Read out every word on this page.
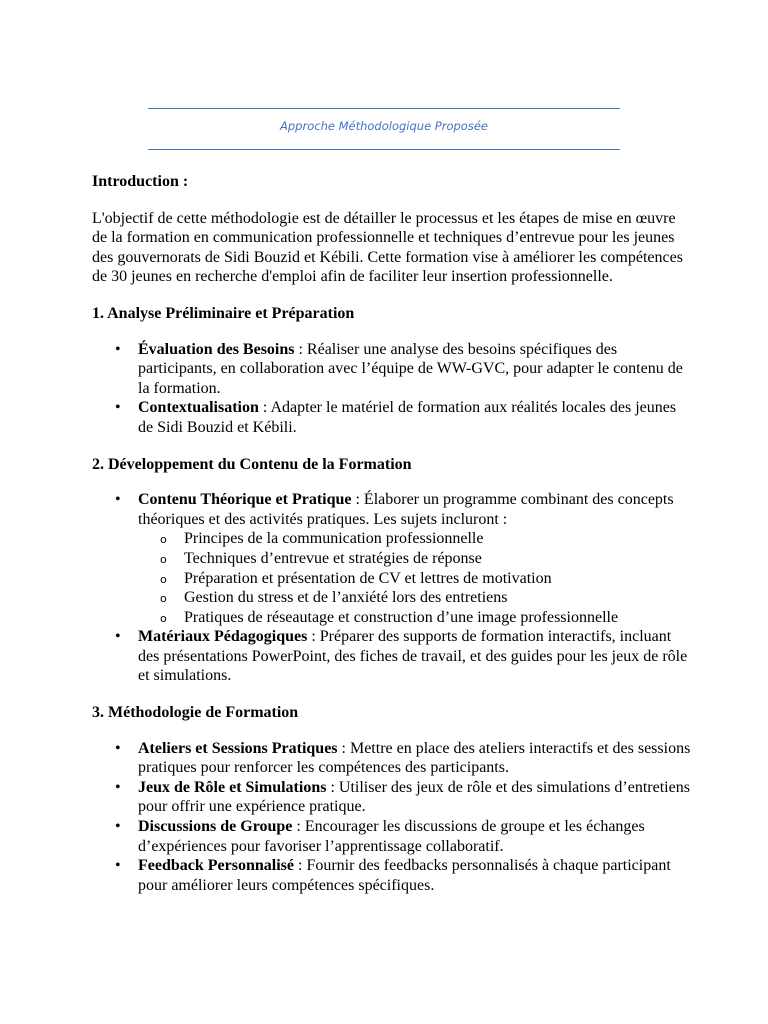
Approche Méthodologique Proposée

Introduction :

L'objectif de cette méthodologie est de détailler le processus et les étapes de mise en œuvre de la formation en communication professionnelle et techniques d’entrevue pour les jeunes des gouvernorats de Sidi Bouzid et Kébili. Cette formation vise à améliorer les compétences de 30 jeunes en recherche d'emploi afin de faciliter leur insertion professionnelle.

1. Analyse Préliminaire et Préparation

• Évaluation des Besoins : Réaliser une analyse des besoins spécifiques des participants, en collaboration avec l’équipe de WW-GVC, pour adapter le contenu de la formation.
• Contextualisation : Adapter le matériel de formation aux réalités locales des jeunes de Sidi Bouzid et Kébili.

2. Développement du Contenu de la Formation

• Contenu Théorique et Pratique : Élaborer un programme combinant des concepts théoriques et des activités pratiques. Les sujets incluront :
o Principes de la communication professionnelle
o Techniques d’entrevue et stratégies de réponse
o Préparation et présentation de CV et lettres de motivation
o Gestion du stress et de l’anxiété lors des entretiens
o Pratiques de réseautage et construction d’une image professionnelle
• Matériaux Pédagogiques : Préparer des supports de formation interactifs, incluant des présentations PowerPoint, des fiches de travail, et des guides pour les jeux de rôle et simulations.

3. Méthodologie de Formation

• Ateliers et Sessions Pratiques : Mettre en place des ateliers interactifs et des sessions pratiques pour renforcer les compétences des participants.
• Jeux de Rôle et Simulations : Utiliser des jeux de rôle et des simulations d’entretiens pour offrir une expérience pratique.
• Discussions de Groupe : Encourager les discussions de groupe et les échanges d’expériences pour favoriser l’apprentissage collaboratif.
• Feedback Personnalisé : Fournir des feedbacks personnalisés à chaque participant pour améliorer leurs compétences spécifiques.
